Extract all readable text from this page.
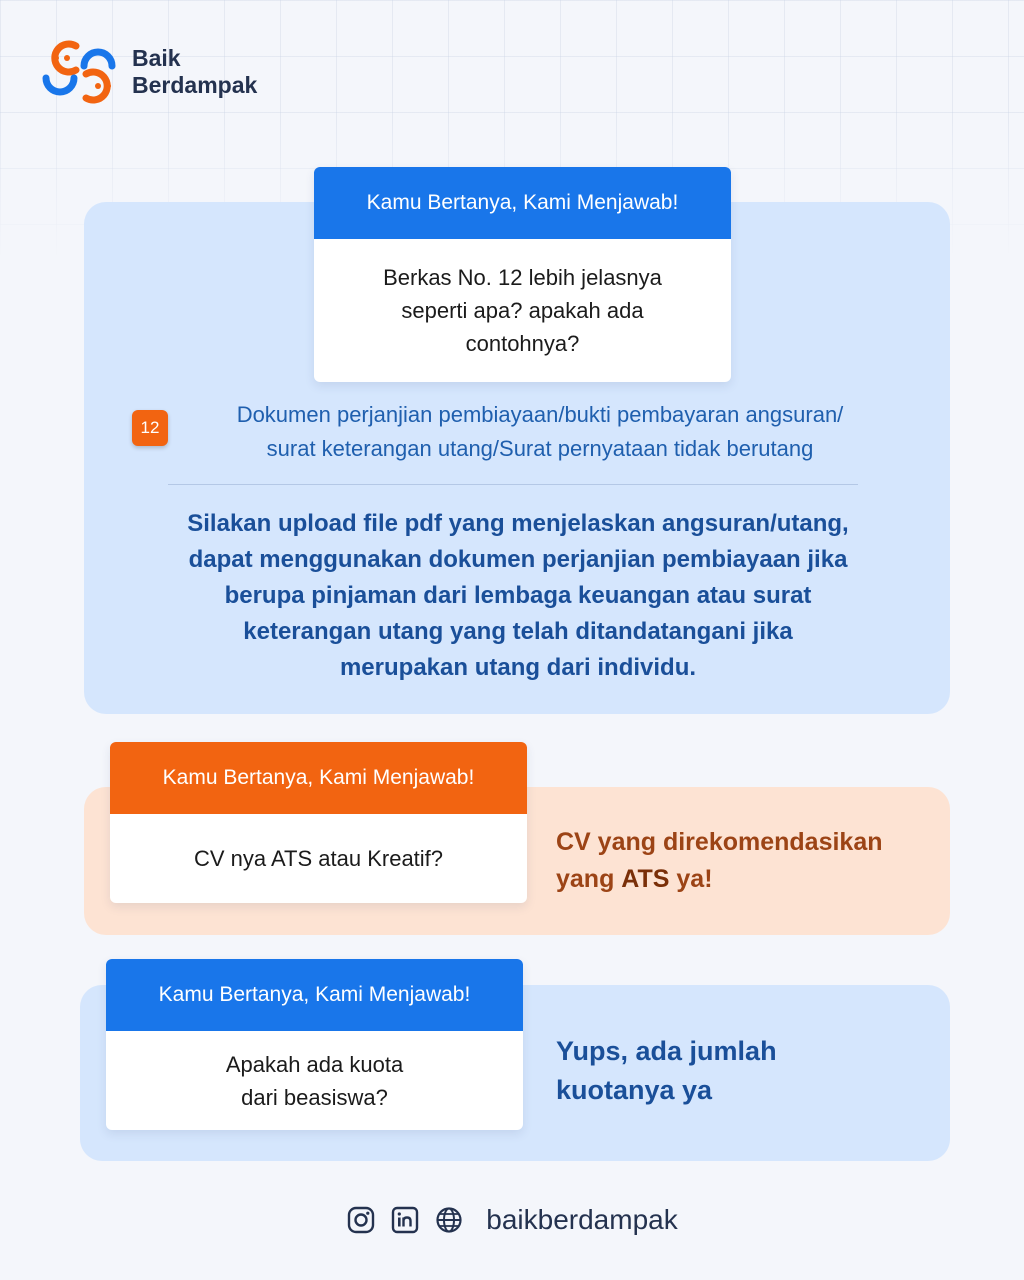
Baik
Berdampak
Kamu Bertanya, Kami Menjawab!
Berkas No. 12 lebih jelasnya
seperti apa? apakah ada
contohnya?
12
Dokumen perjanjian pembiayaan/bukti pembayaran angsuran/
surat keterangan utang/Surat pernyataan tidak berutang
Silakan upload file pdf yang menjelaskan angsuran/utang,
dapat menggunakan dokumen perjanjian pembiayaan jika
berupa pinjaman dari lembaga keuangan atau surat
keterangan utang yang telah ditandatangani jika
merupakan utang dari individu.
Kamu Bertanya, Kami Menjawab!
CV nya ATS atau Kreatif?
CV yang direkomendasikan
yang ATS ya!
Kamu Bertanya, Kami Menjawab!
Apakah ada kuota
dari beasiswa?
Yups, ada jumlah
kuotanya ya
baikberdampak
